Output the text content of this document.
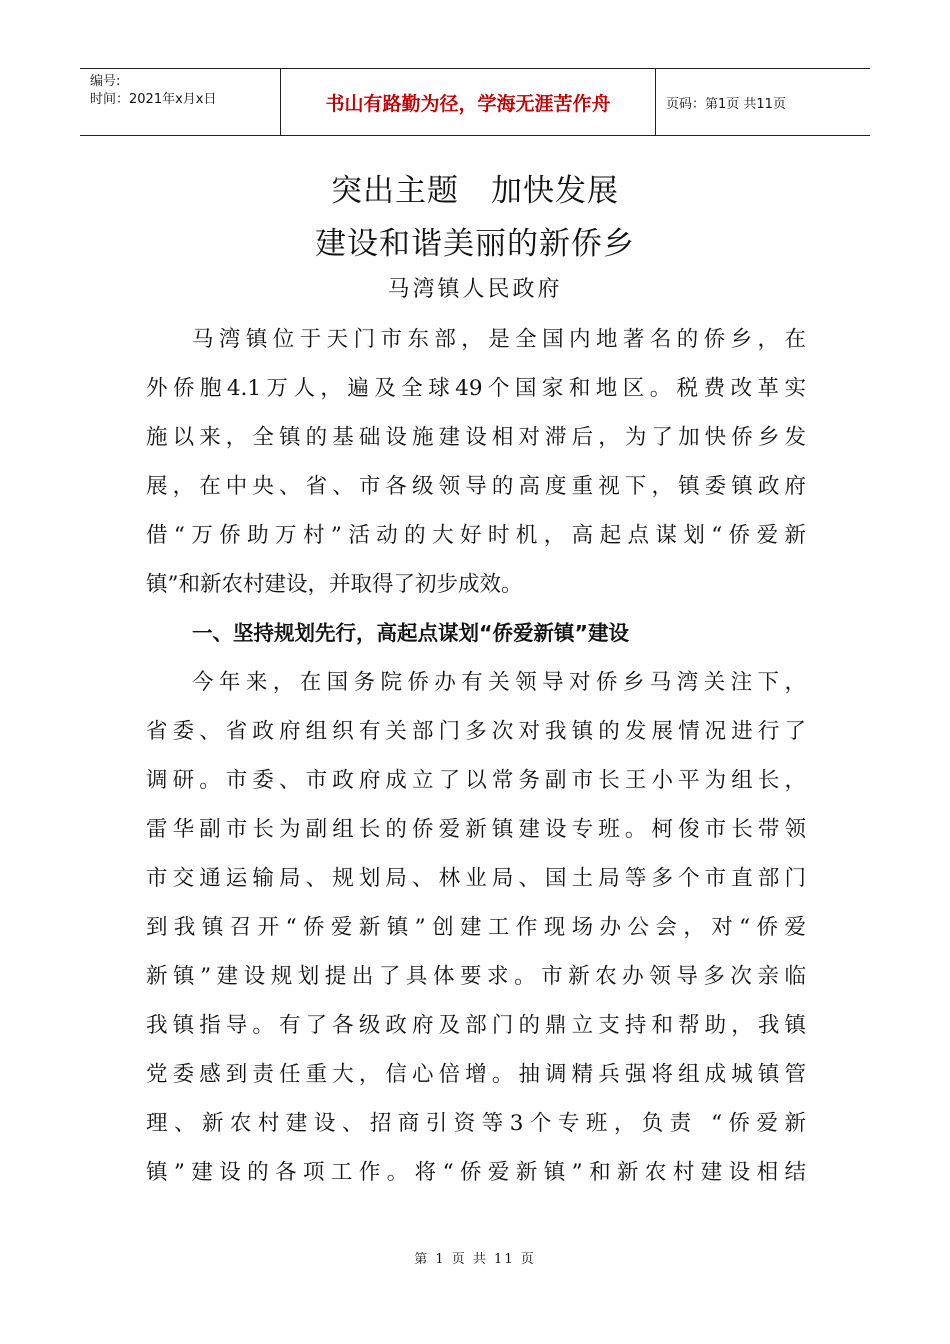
编号:
时间：2021年x月x日	书山有路勤为径，学海无涯苦作舟	页码：第1页 共11页
突出主题　加快发展
建设和谐美丽的新侨乡
马湾镇人民政府
马湾镇位于天门市东部，是全国内地著名的侨乡，在
外侨胞4.1万人，遍及全球49个国家和地区。税费改革实
施以来，全镇的基础设施建设相对滞后，为了加快侨乡发
展，在中央、省、市各级领导的高度重视下，镇委镇政府
借“万侨助万村”活动的大好时机，高起点谋划“侨爱新
镇”和新农村建设，并取得了初步成效。
一、坚持规划先行，高起点谋划“侨爱新镇”建设
今年来，在国务院侨办有关领导对侨乡马湾关注下，
省委、省政府组织有关部门多次对我镇的发展情况进行了
调研。市委、市政府成立了以常务副市长王小平为组长，
雷华副市长为副组长的侨爱新镇建设专班。柯俊市长带领
市交通运输局、规划局、林业局、国土局等多个市直部门
到我镇召开“侨爱新镇”创建工作现场办公会，对“侨爱
新镇”建设规划提出了具体要求。市新农办领导多次亲临
我镇指导。有了各级政府及部门的鼎立支持和帮助，我镇
党委感到责任重大，信心倍增。抽调精兵强将组成城镇管
理、新农村建设、招商引资等3个专班，负责 “侨爱新
镇”建设的各项工作。将“侨爱新镇”和新农村建设相结
第 1 页 共 11 页
